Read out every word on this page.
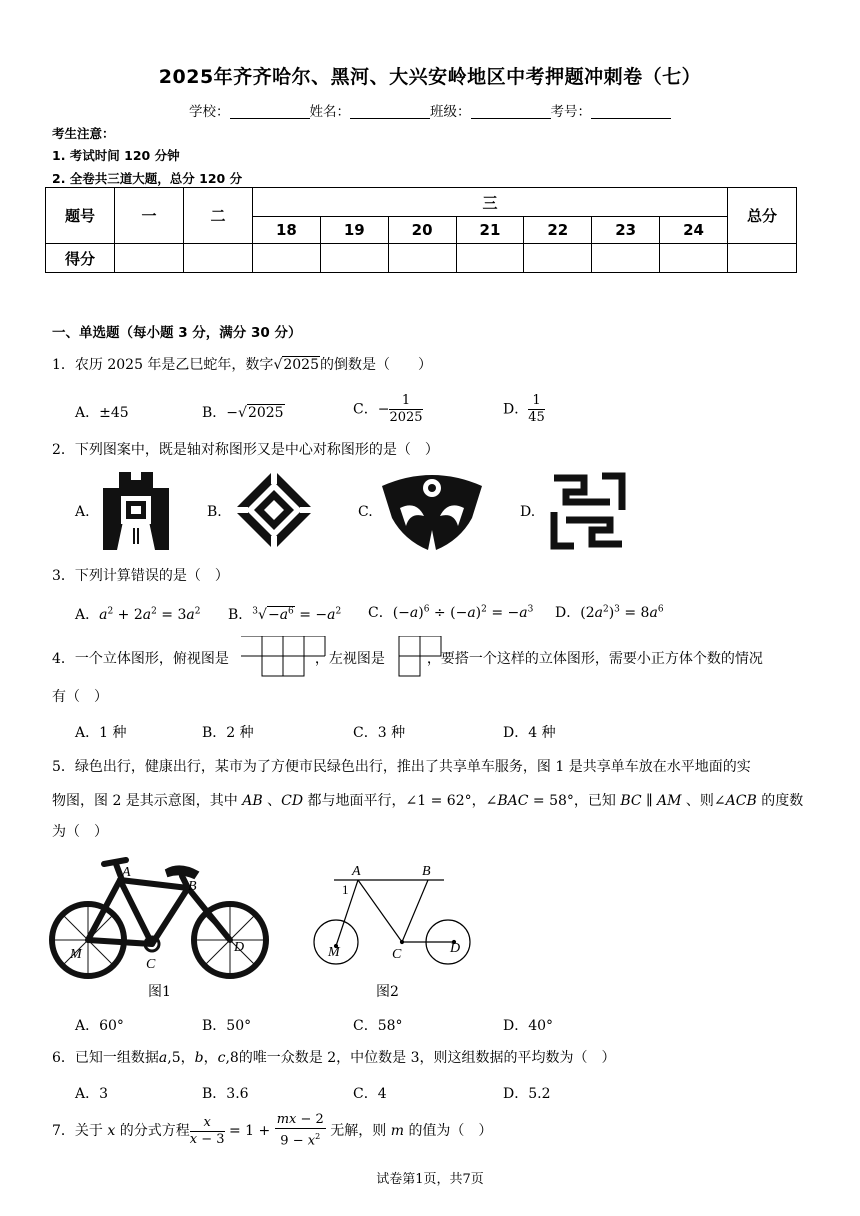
2025年齐齐哈尔、黑河、大兴安岭地区中考押题冲刺卷（七）
学校：	姓名：	班级：	考号：
考生注意：
1. 考试时间 120 分钟
2. 全卷共三道大题，总分 120 分
题号	一	二	三							总分
			18	19	20	21	22	23	24	
得分										
一、单选题（每小题 3 分，满分 30 分）
1．农历 2025 年是乙巳蛇年，数字√2025的倒数是（　　）
A．±45	B．−√2025	C．− $\frac{1}{2025}$	D． $\frac{1}{45}$
2．下列图案中，既是轴对称图形又是中心对称图形的是（　）
A.	B.	C.	D.
3．下列计算错误的是（　）
A．$a^2 + 2a^2 = 3a^2$ B．$^3√-a^6 = -a^2$ C．$(-a)^6 \div (-a)^2 = -a^3$ D．$(2a^2)^3 = 8a^6$
4．一个立体图形，俯视图是	，左视图是	，要搭一个这样的立体图形，需要小正方体个数的情况
有（　）
A．1 种	B．2 种	C．3 种	D．4 种
5．绿色出行，健康出行，某市为了方便市民绿色出行，推出了共享单车服务，图 1 是共享单车放在水平地面的实
物图，图 2 是其示意图，其中 AB 、CD 都与地面平行，∠1 = 62°，∠BAC = 58°，已知 BC ∥ AM 、则∠ACB 的度数
为（　）
A
B
C
D
M
图1
A	B
C	D
M
1
图2
A．60°	B．50°	C．58°	D．40°
6．已知一组数据a,5，b，c,8的唯一众数是 2，中位数是 3，则这组数据的平均数为（　）
A．3	B．3.6	C．4	D．5.2
7．关于 x 的分式方程 $\frac{x}{x - 3} = 1 + \frac{mx - 2}{9 - x^2}$ 无解，则 m 的值为（　）
试卷第1页，共7页
